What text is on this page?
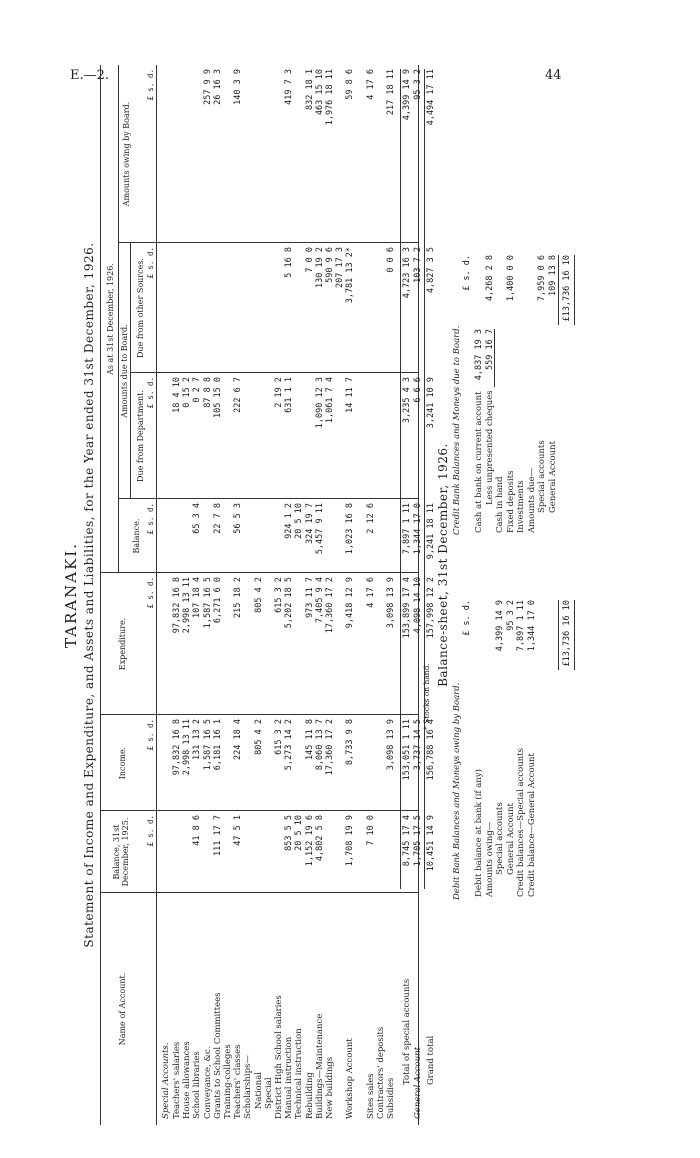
E.—2.	44
TARANAKI. Statement of Income and Expenditure, and Assets and Liabilities, for the Year ended 31st December, 1926.
Name of Account.
Balance, 31st December, 1925.
Income.
Expenditure.
As at 31st December, 1926.
Balance.
Amounts due to Board.
Due from Department.
Due from other Sources.
Amounts owing by Board.
£ s. d.
£ s. d.
£ s. d.
£ s. d.
£ s. d.
£ s. d.
£ s. d.
Special Accounts. Teachers' salaries
97,832 16 8
97,832 16 8
18 4 10
House allowances
2,998 13 11
2,998 13 11
0 15 2
School libraries
41 8 6
131 13 2
107 18 4
65 3 4
0 2 7
Conveyance, &c.
1,587 16 5
1,587 16 5
87 8 8
257 9 9
Grants to School Committees
111 17 7
6,181 16 1
6,271 6 0
22 7 8
105 15 0
26 16 3
Training-colleges Teachers' classes
47 5 1
224 18 4
215 18 2
56 5 3
222 6 7
140 3 9
Scholarships— National
805 4 2
805 4 2
Special District High School salaries
615 3 2
615 3 2
2 19 2
Manual instruction
853 5 5
5,273 14 2
5,202 18 5
924 1 2
631 1 1
5 16 8
419 7 3
Technical instruction
20 5 10
20 5 10
Rebuilding
1,152 19 6
145 11 8
973 11 7
324 19 7
7 0 0
832 18 1
Buildings—Maintenance
4,802 5 8
8,060 13 7
7,405 9 4
5,457 9 11
1,090 12 3
130 19 2
463 15 10
New buildings
17,360 17 2
17,360 17 2
1,061 7 4
590 9 6
1,976 18 11
207 17 3
Workshop Account
1,708 19 9
8,733 9 8
9,418 12 9
1,023 16 8
14 11 7
3,781 13 2*
59 8 6
Sites sales
7 10 0
4 17 6
2 12 6
4 17 6
Contractors' deposits Subsidies
3,098 13 9
3,098 13 9
0 0 6
217 18 11
Total of special accounts
8,745 17 4
153,051 1 11
153,899 17 4
7,897 1 11
3,235 4 3
4,723 16 3
4,399 14 9
General Account
1,705 17 5
3,737 14 5
4,098 14 10
1,344 17 0
6 6 6
103 7 2
95 3 2
Grand total
10,451 14 9
156,788 16 4
157,998 12 2
9,241 18 11
3,241 10 9
4,827 3 5
4,494 17 11
* Stocks on hand.
Balance-sheet, 31st December, 1926.
Debit Bank Balances and Moneys owing by Board.
Credit Bank Balances and Moneys due to Board.
£ s. d.
£ s. d.
Debit balance at bank (if any) Amounts owing— Special accounts
4,399 14 9
General Account
95 3 2
Credit balances—Special accounts
7,897 1 11
Credit balance—General Account
1,344 17 0
Cash at bank on current account
4,837 19 3
Less unpresented cheques
559 16 7
4,268 2 8
Cash in hand Fixed deposits
1,400 0 0
Investments Amounts due— Special accounts
7,959 0 6
General Account
109 13 8
£13,736 16 10
£13,736 16 10
